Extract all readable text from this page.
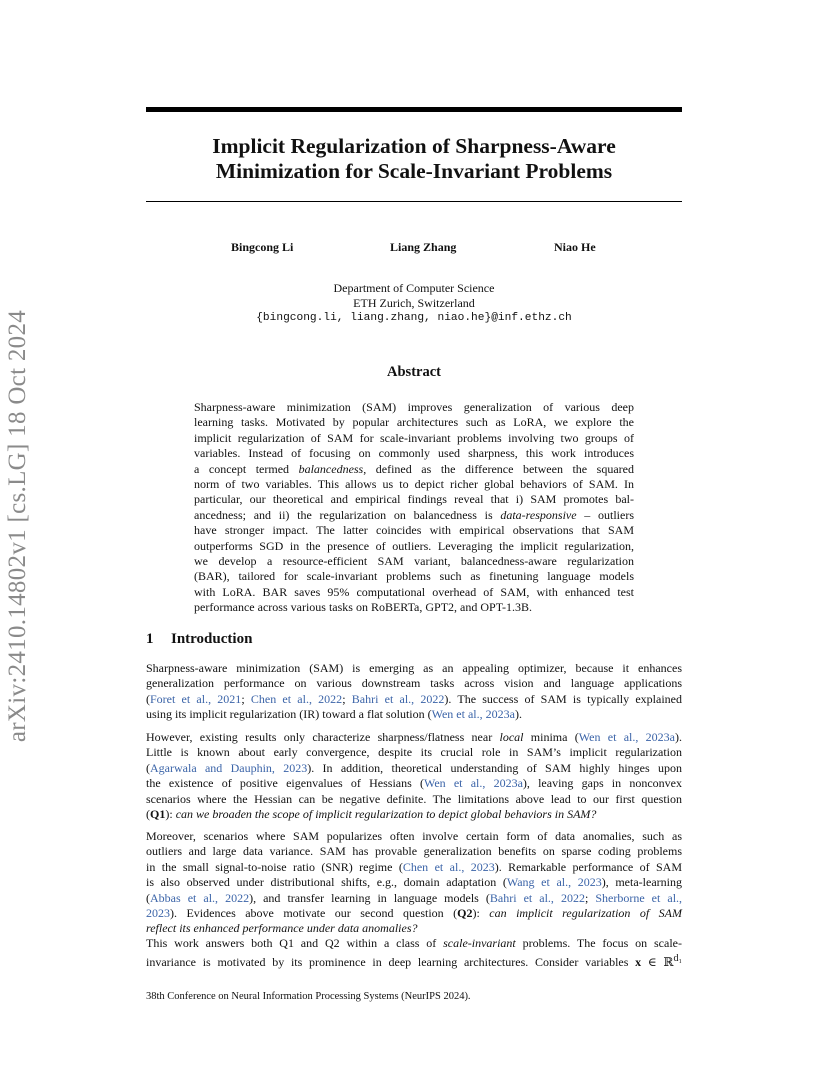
arXiv:2410.14802v1 [cs.LG] 18 Oct 2024
Implicit Regularization of Sharpness-Aware
Minimization for Scale-Invariant Problems
Bingcong Li	Liang Zhang	Niao He
Department of Computer Science
ETH Zurich, Switzerland
{bingcong.li, liang.zhang, niao.he}@inf.ethz.ch
Abstract
Sharpness-aware minimization (SAM) improves generalization of various deep
learning tasks. Motivated by popular architectures such as LoRA, we explore the
implicit regularization of SAM for scale-invariant problems involving two groups of
variables. Instead of focusing on commonly used sharpness, this work introduces
a concept termed balancedness, defined as the difference between the squared
norm of two variables. This allows us to depict richer global behaviors of SAM. In
particular, our theoretical and empirical findings reveal that i) SAM promotes bal-
ancedness; and ii) the regularization on balancedness is data-responsive – outliers
have stronger impact. The latter coincides with empirical observations that SAM
outperforms SGD in the presence of outliers. Leveraging the implicit regularization,
we develop a resource-efficient SAM variant, balancedness-aware regularization
(BAR), tailored for scale-invariant problems such as finetuning language models
with LoRA. BAR saves 95% computational overhead of SAM, with enhanced test
performance across various tasks on RoBERTa, GPT2, and OPT-1.3B.
1 Introduction
Sharpness-aware minimization (SAM) is emerging as an appealing optimizer, because it enhances
generalization performance on various downstream tasks across vision and language applications
(Foret et al., 2021; Chen et al., 2022; Bahri et al., 2022). The success of SAM is typically explained
using its implicit regularization (IR) toward a flat solution (Wen et al., 2023a).
However, existing results only characterize sharpness/flatness near local minima (Wen et al., 2023a).
Little is known about early convergence, despite its crucial role in SAM’s implicit regularization
(Agarwala and Dauphin, 2023). In addition, theoretical understanding of SAM highly hinges upon
the existence of positive eigenvalues of Hessians (Wen et al., 2023a), leaving gaps in nonconvex
scenarios where the Hessian can be negative definite. The limitations above lead to our first question
(Q1): can we broaden the scope of implicit regularization to depict global behaviors in SAM?
Moreover, scenarios where SAM popularizes often involve certain form of data anomalies, such as
outliers and large data variance. SAM has provable generalization benefits on sparse coding problems
in the small signal-to-noise ratio (SNR) regime (Chen et al., 2023). Remarkable performance of SAM
is also observed under distributional shifts, e.g., domain adaptation (Wang et al., 2023), meta-learning
(Abbas et al., 2022), and transfer learning in language models (Bahri et al., 2022; Sherborne et al.,
2023). Evidences above motivate our second question (Q2): can implicit regularization of SAM
reflect its enhanced performance under data anomalies?
This work answers both Q1 and Q2 within a class of scale-invariant problems. The focus on scale-
invariance is motivated by its prominence in deep learning architectures. Consider variables x ∈ ℝ$^{d_1}$
38th Conference on Neural Information Processing Systems (NeurIPS 2024).
